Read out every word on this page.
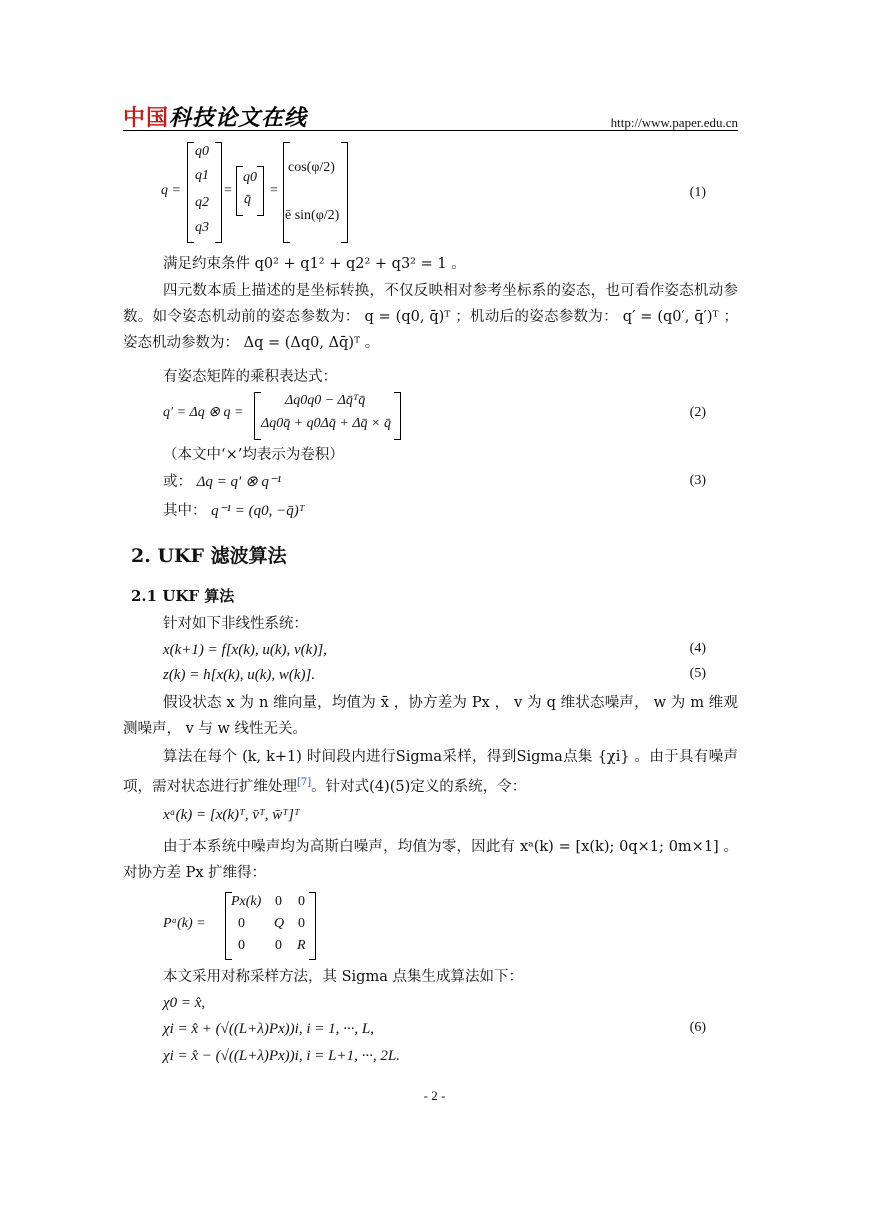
中国 科技论文在线	http://www.paper.edu.cn
q =
q0
q1
q2
q3
=
q0
q̄
=
cos(φ/2)
ē sin(φ/2)
(1)
满足约束条件 q0² + q1² + q2² + q3² = 1 。
四元数本质上描述的是坐标转换，不仅反映相对参考坐标系的姿态，也可看作姿态机动参数。如令姿态机动前的姿态参数为： q = (q0, q̄)ᵀ ；机动后的姿态参数为： q′ = (q0′, q̄′)ᵀ ；姿态机动参数为： Δq = (Δq0, Δq̄)ᵀ 。
有姿态矩阵的乘积表达式：
q′ = Δq ⊗ q =
Δq0q0 − Δq̄ᵀq̄
Δq0q̄ + q0Δq̄ + Δq̄ × q̄
(2)
（本文中‘×’均表示为卷积）
或： Δq = q′ ⊗ q⁻¹	(3)
其中： q⁻¹ = (q0, −q̄)ᵀ
2. UKF 滤波算法
2.1 UKF 算法
针对如下非线性系统：
x(k+1) = f[x(k), u(k), v(k)],	(4)
z(k) = h[x(k), u(k), w(k)].	(5)
假设状态 x 为 n 维向量，均值为 x̄ ，协方差为 Px ， v 为 q 维状态噪声， w 为 m 维观测噪声， v 与 w 线性无关。
算法在每个 (k, k+1) 时间段内进行Sigma采样，得到Sigma点集 {χi} 。由于具有噪声项，需对状态进行扩维处理[7]。针对式(4)(5)定义的系统，令：
xᵃ(k) = [x(k)ᵀ, v̄ᵀ, w̄ᵀ]ᵀ
由于本系统中噪声均为高斯白噪声，均值为零，因此有 xᵃ(k) = [x(k); 0q×1; 0m×1] 。对协方差 Px 扩维得：
Pᵃ(k) =
Px(k) 0 0
0 Q 0
0 0 R
本文采用对称采样方法，其 Sigma 点集生成算法如下：
χ0 = x̂,
χi = x̂ + (√((L+λ)Px))i, i = 1, ···, L,
χi = x̂ − (√((L+λ)Px))i, i = L+1, ···, 2L.
(6)
- 2 -
